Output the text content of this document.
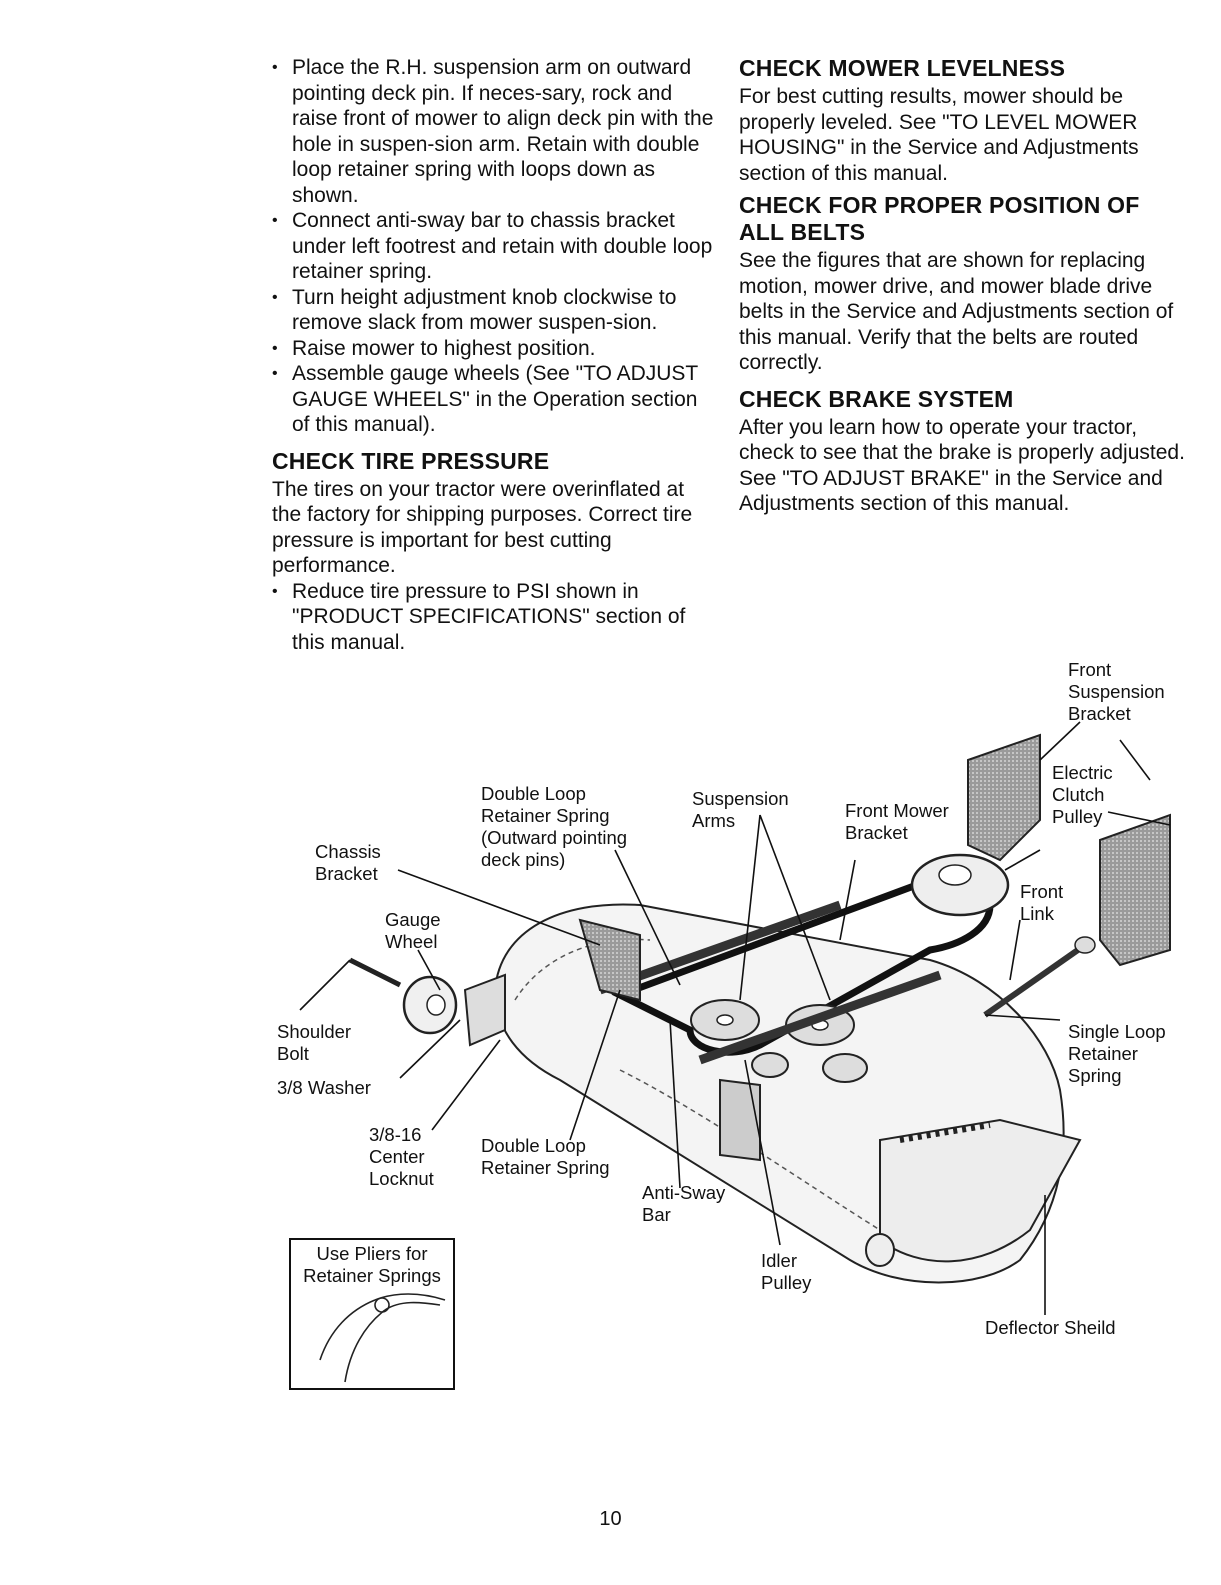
• Place the R.H. suspension arm on outward pointing deck pin. If neces-sary, rock and raise front of mower to align deck pin with the hole in suspen-sion arm. Retain with double loop retainer spring with loops down as shown.
• Connect anti-sway bar to chassis bracket under left footrest and retain with double loop retainer spring.
• Turn height adjustment knob clockwise to remove slack from mower suspen-sion.
• Raise mower to highest position.
• Assemble gauge wheels (See "TO ADJUST GAUGE WHEELS" in the Operation section of this manual).
CHECK TIRE PRESSURE

The tires on your tractor were overinflated at the factory for shipping purposes. Correct tire pressure is important for best cutting performance.

• Reduce tire pressure to PSI shown in "PRODUCT SPECIFICATIONS" section of this manual.
CHECK MOWER LEVELNESS

For best cutting results, mower should be properly leveled. See "TO LEVEL MOWER HOUSING" in the Service and Adjustments section of this manual.

CHECK FOR PROPER POSITION OF ALL BELTS

See the figures that are shown for replacing motion, mower drive, and mower blade drive belts in the Service and Adjustments section of this manual. Verify that the belts are routed correctly.

CHECK BRAKE SYSTEM

After you learn how to operate your tractor, check to see that the brake is properly adjusted. See "TO ADJUST BRAKE" in the Service and Adjustments section of this manual.

Front
Suspension
Bracket
Electric
Clutch
Pulley
Double Loop
Retainer Spring
(Outward pointing
deck pins)
Suspension
Arms	Front Mower
Bracket
Chassis
Bracket
Front
Link
Gauge
Wheel
Shoulder
Bolt
3/8 Washer
Single Loop
Retainer
Spring
3/8-16
Center
Locknut
Double Loop
Retainer Spring
Anti-Sway
Bar
Idler
Pulley
Deflector Sheild
Use Pliers for
Retainer Springs
10
